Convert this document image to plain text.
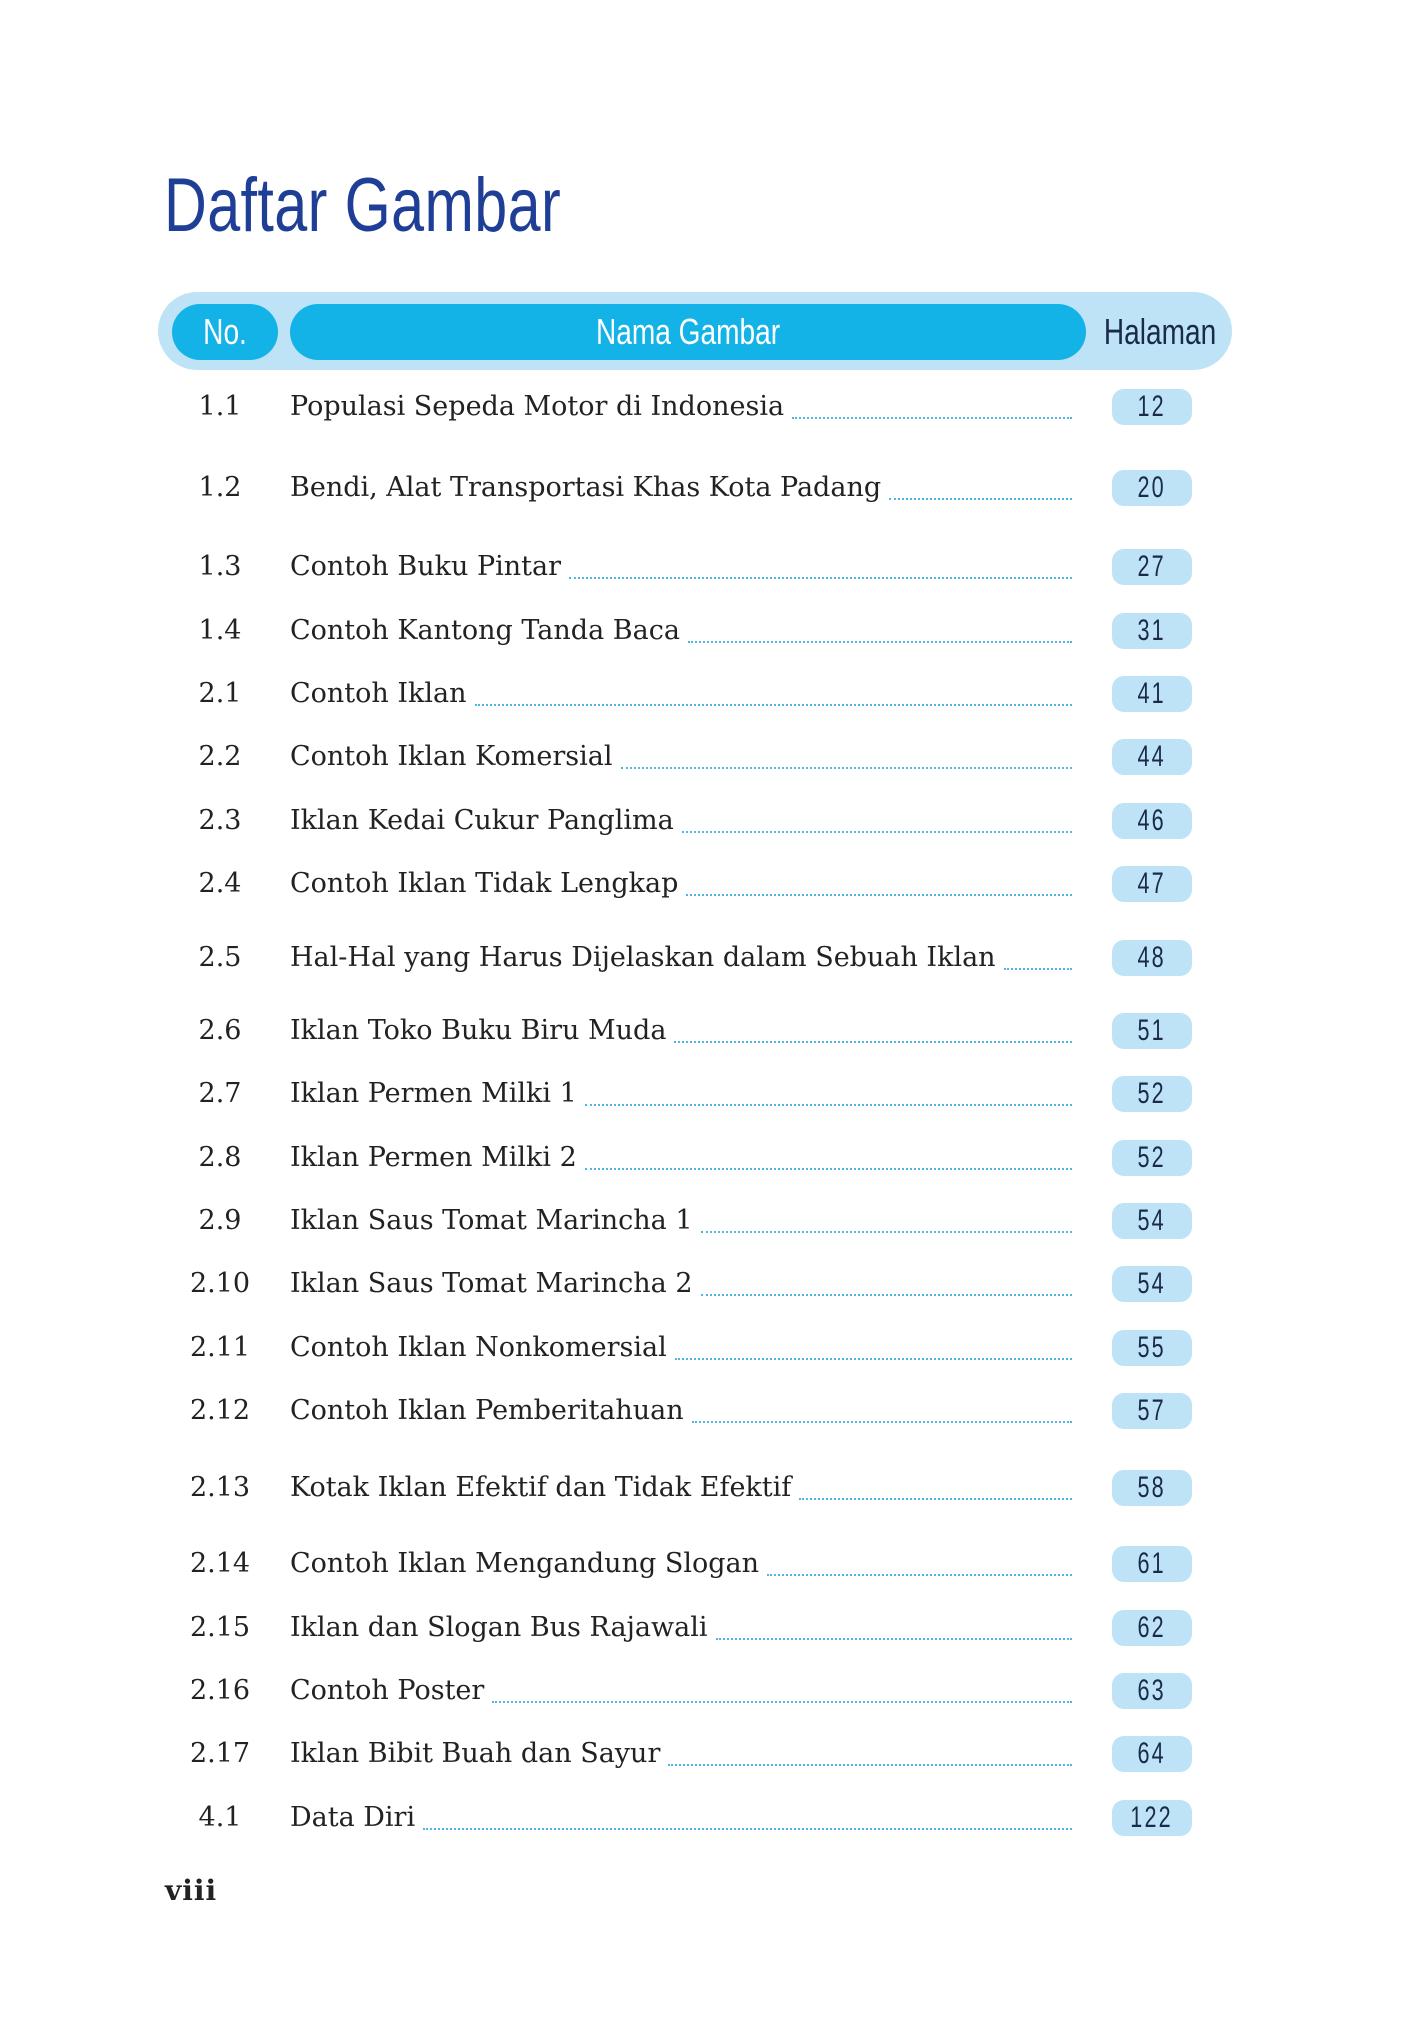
Daftar Gambar
No.	Nama Gambar	Halaman
1.1	Populasi Sepeda Motor di Indonesia	12
1.2	Bendi, Alat Transportasi Khas Kota Padang	20
1.3	Contoh Buku Pintar	27
1.4	Contoh Kantong Tanda Baca	31
2.1	Contoh Iklan	41
2.2	Contoh Iklan Komersial	44
2.3	Iklan Kedai Cukur Panglima	46
2.4	Contoh Iklan Tidak Lengkap	47
2.5	Hal-Hal yang Harus Dijelaskan dalam Sebuah Iklan	48
2.6	Iklan Toko Buku Biru Muda	51
2.7	Iklan Permen Milki 1	52
2.8	Iklan Permen Milki 2	52
2.9	Iklan Saus Tomat Marincha 1	54
2.10	Iklan Saus Tomat Marincha 2	54
2.11	Contoh Iklan Nonkomersial	55
2.12	Contoh Iklan Pemberitahuan	57
2.13	Kotak Iklan Efektif dan Tidak Efektif	58
2.14	Contoh Iklan Mengandung Slogan	61
2.15	Iklan dan Slogan Bus Rajawali	62
2.16	Contoh Poster	63
2.17	Iklan Bibit Buah dan Sayur	64
4.1	Data Diri	122
viii
